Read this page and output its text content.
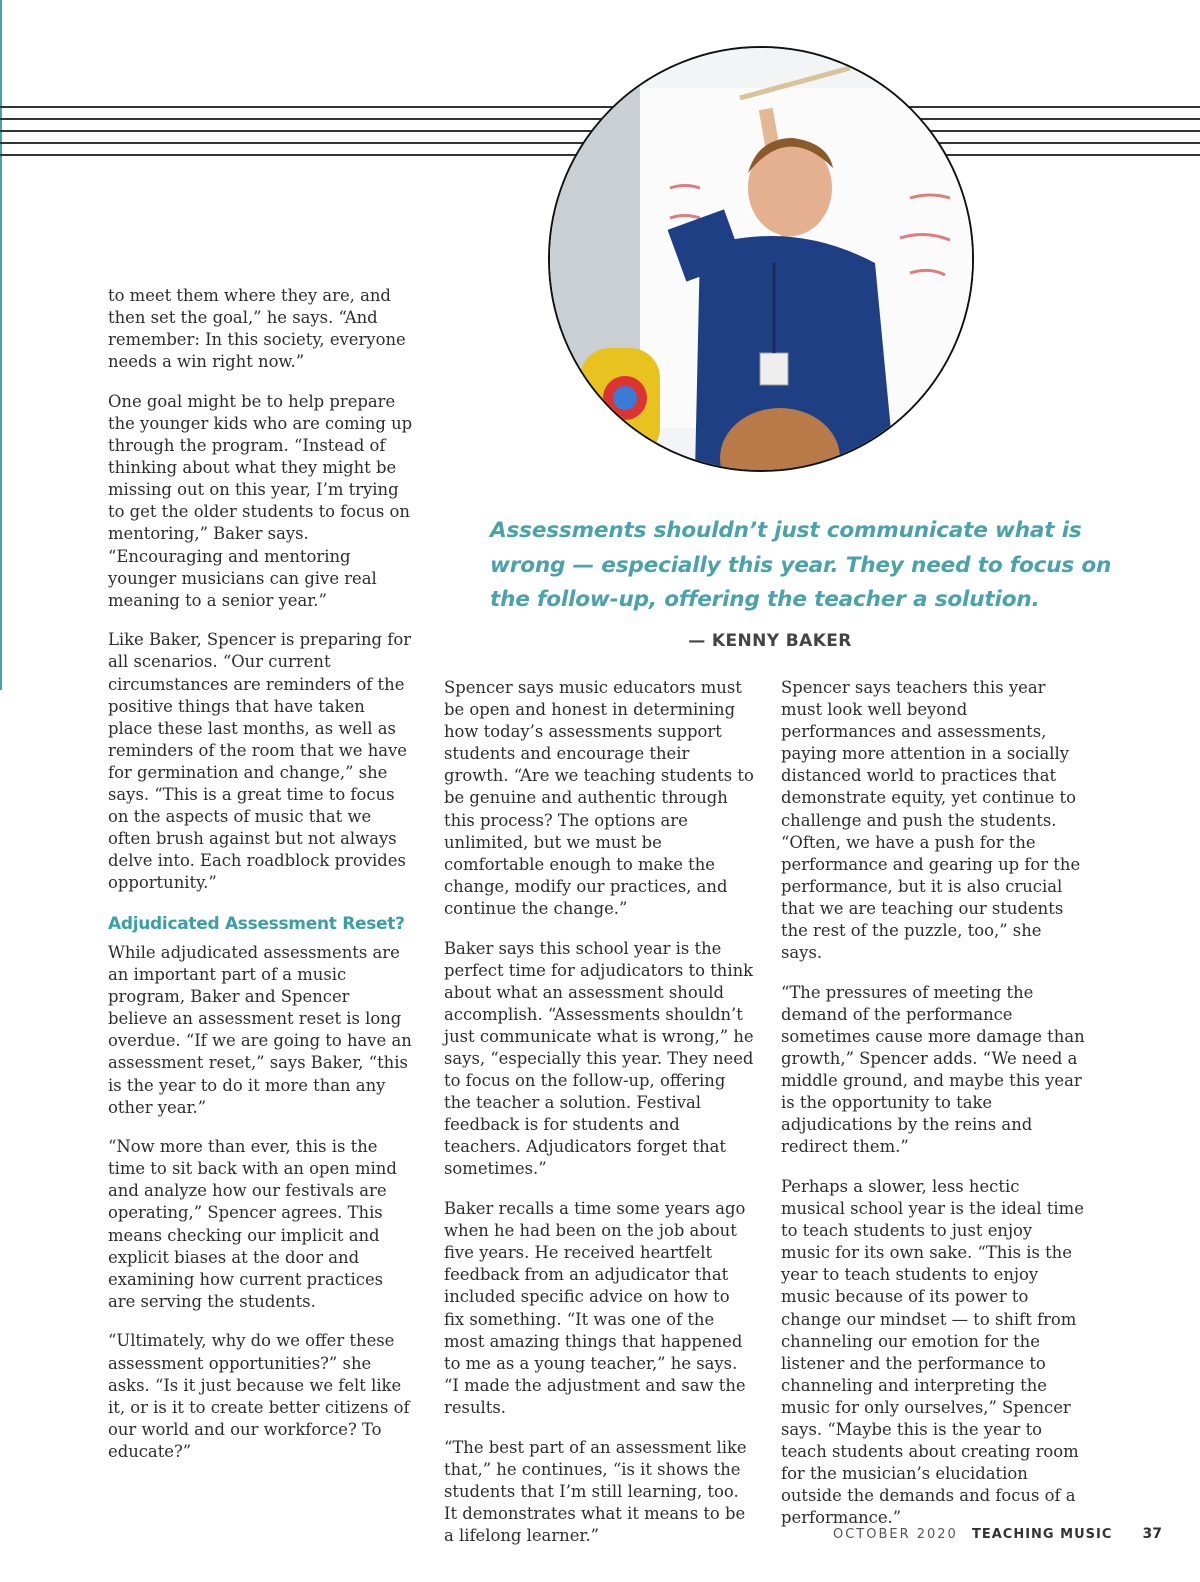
to meet them where they are, and then set the goal,” he says. “And remember: In this society, everyone needs a win right now.”

One goal might be to help prepare the younger kids who are coming up through the program. “Instead of thinking about what they might be missing out on this year, I’m trying to get the older students to focus on mentoring,” Baker says. “Encouraging and mentoring younger musicians can give real meaning to a senior year.”

Like Baker, Spencer is preparing for all scenarios. “Our current circumstances are reminders of the positive things that have taken place these last months, as well as reminders of the room that we have for germination and change,” she says. “This is a great time to focus on the aspects of music that we often brush against but not always delve into. Each roadblock provides opportunity.”

Adjudicated Assessment Reset?

While adjudicated assessments are an important part of a music program, Baker and Spencer believe an assessment reset is long overdue. “If we are going to have an assessment reset,” says Baker, “this is the year to do it more than any other year.”

“Now more than ever, this is the time to sit back with an open mind and analyze how our festivals are operating,” Spencer agrees. This means checking our implicit and explicit biases at the door and examining how current practices are serving the students.

“Ultimately, why do we offer these assessment opportunities?” she asks. “Is it just because we felt like it, or is it to create better citizens of our world and our workforce? To educate?”

Assessments shouldn’t just communicate what is wrong — especially this year. They need to focus on the follow-up, offering the teacher a solution.
— KENNY BAKER

Spencer says music educators must be open and honest in determining how today’s assessments support students and encourage their growth. “Are we teaching students to be genuine and authentic through this process? The options are unlimited, but we must be comfortable enough to make the change, modify our practices, and continue the change.”

Baker says this school year is the perfect time for adjudicators to think about what an assessment should accomplish. “Assessments shouldn’t just communicate what is wrong,” he says, “especially this year. They need to focus on the follow-up, offering the teacher a solution. Festival feedback is for students and teachers. Adjudicators forget that sometimes.”

Baker recalls a time some years ago when he had been on the job about five years. He received heartfelt feedback from an adjudicator that included specific advice on how to fix something. “It was one of the most amazing things that happened to me as a young teacher,” he says. “I made the adjustment and saw the results.

“The best part of an assessment like that,” he continues, “is it shows the students that I’m still learning, too. It demonstrates what it means to be a lifelong learner.”

Spencer says teachers this year must look well beyond performances and assessments, paying more attention in a socially distanced world to practices that demonstrate equity, yet continue to challenge and push the students. “Often, we have a push for the performance and gearing up for the performance, but it is also crucial that we are teaching our students the rest of the puzzle, too,” she says.

“The pressures of meeting the demand of the performance sometimes cause more damage than growth,” Spencer adds. “We need a middle ground, and maybe this year is the opportunity to take adjudications by the reins and redirect them.”

Perhaps a slower, less hectic musical school year is the ideal time to teach students to just enjoy music for its own sake. “This is the year to teach students to enjoy music because of its power to change our mindset — to shift from channeling our emotion for the listener and the performance to channeling and interpreting the music for only ourselves,” Spencer says. “Maybe this is the year to teach students about creating room for the musician’s elucidation outside the demands and focus of a performance.”

OCTOBER 2020 TEACHING MUSIC 37
